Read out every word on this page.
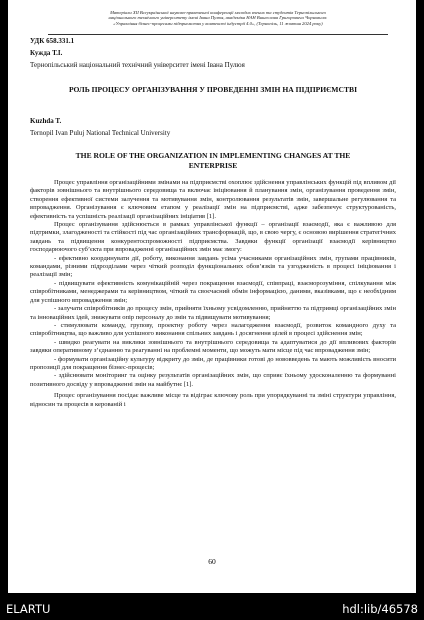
Матеріали XII Всеукраїнської науково-практичної конференції молодих вчених та студентів Тернопільського
національного технічного університету імені Івана Пулюя, академіка НАН Вишеслава Григоровича Чорновила:
«Управління бізнес-процесами підприємства у контексті індустрії 4.0», (Тернопіль, 11 жовтня 2024 року)
УДК 658.331.1
Кужда Т.І.
Тернопільський національний технічний університет імені Івана Пулюя
РОЛЬ ПРОЦЕСУ ОРГАНІЗУВАННЯ У ПРОВЕДЕННІ ЗМІН НА ПІДПРИЄМСТВІ
Kuzhda T.
Ternopil Ivan Puluj National Technical University
THE ROLE OF THE ORGANIZATION IN IMPLEMENTING CHANGES AT THE ENTERPRISE

Процес управління організаційними змінами на підприємстві охоплює здійснення управлінських функцій під впливом дії факторів зовнішнього та внутрішнього середовища та включає ініціювання й планування змін, організування проведення змін, створення ефективної системи залучення та мотивування змін, контролювання результатів змін, завершальне регулювання та впровадження. Організування є ключовим етапом у реалізації змін на підприємстві, адже забезпечує структурованість, ефективність та успішність реалізації організаційних ініціатив [1].

Процес організування здійснюється в рамках управлінської функції – організації взаємодії, яка є важливою для підтримки, злагодженості та стійкості під час організаційних трансформацій, що, в свою чергу, є основою вирішення стратегічних завдань та підвищення конкурентоспроможності підприємства. Завдяки функції організації взаємодії керівництво господарюючого суб’єкта при впровадженні організаційних змін має змогу:

- ефективно координувати дії, роботу, виконання завдань усіма учасниками організаційних змін, групами працівників, командами, різними підрозділами через чіткий розподіл функціональних обов’язків та узгодженість в процесі ініціювання і реалізації змін;

- підвищувати ефективність комунікаційній через покращення взаємодії, співпраці, взаєморозуміння, спілкування між співробітниками, менеджерами та керівництвом, чіткий та своєчасний обмін інформацією, даними, вказівками, що є необхідним для успішного впровадження змін;

- залучати співробітників до процесу змін, прийняти їхньому усвідомленню, прийняттю та підтримці організаційних змін та інноваційних ідей, знижувати опір персоналу до змін та підвищувати мотивування;

- стимулювати команду, групову, проектну роботу через налагодження взаємодії, розвиток командного духу та співробітництва, що важливо для успішного виконання спільних завдань і досягнення цілей в процесі здійснення змін;

- швидко реагувати на виклики зовнішнього та внутрішнього середовища та адаптуватися до дії впливових факторів завдяки оперативному з’єднанню та реагуванні на проблемні моменти, що можуть мати місце під час впровадження змін;

- формувати організаційну культуру відкриту до змін, де працівники готові до нововведень та мають можливість вносити пропозиції для покращення бізнес-процесів;

- здійснювати моніторинг та оцінку результатів організаційних змін, що сприяє їхньому удосконаленню та формуванні позитивного досвіду у впровадженні змін на майбутнє [1].

Процес організування посідає важливе місце та відіграє ключову роль при упорядкуванні та зміні структури управління, відносин та процесів в керованій і

60
ELARTU	hdl:lib/46578
